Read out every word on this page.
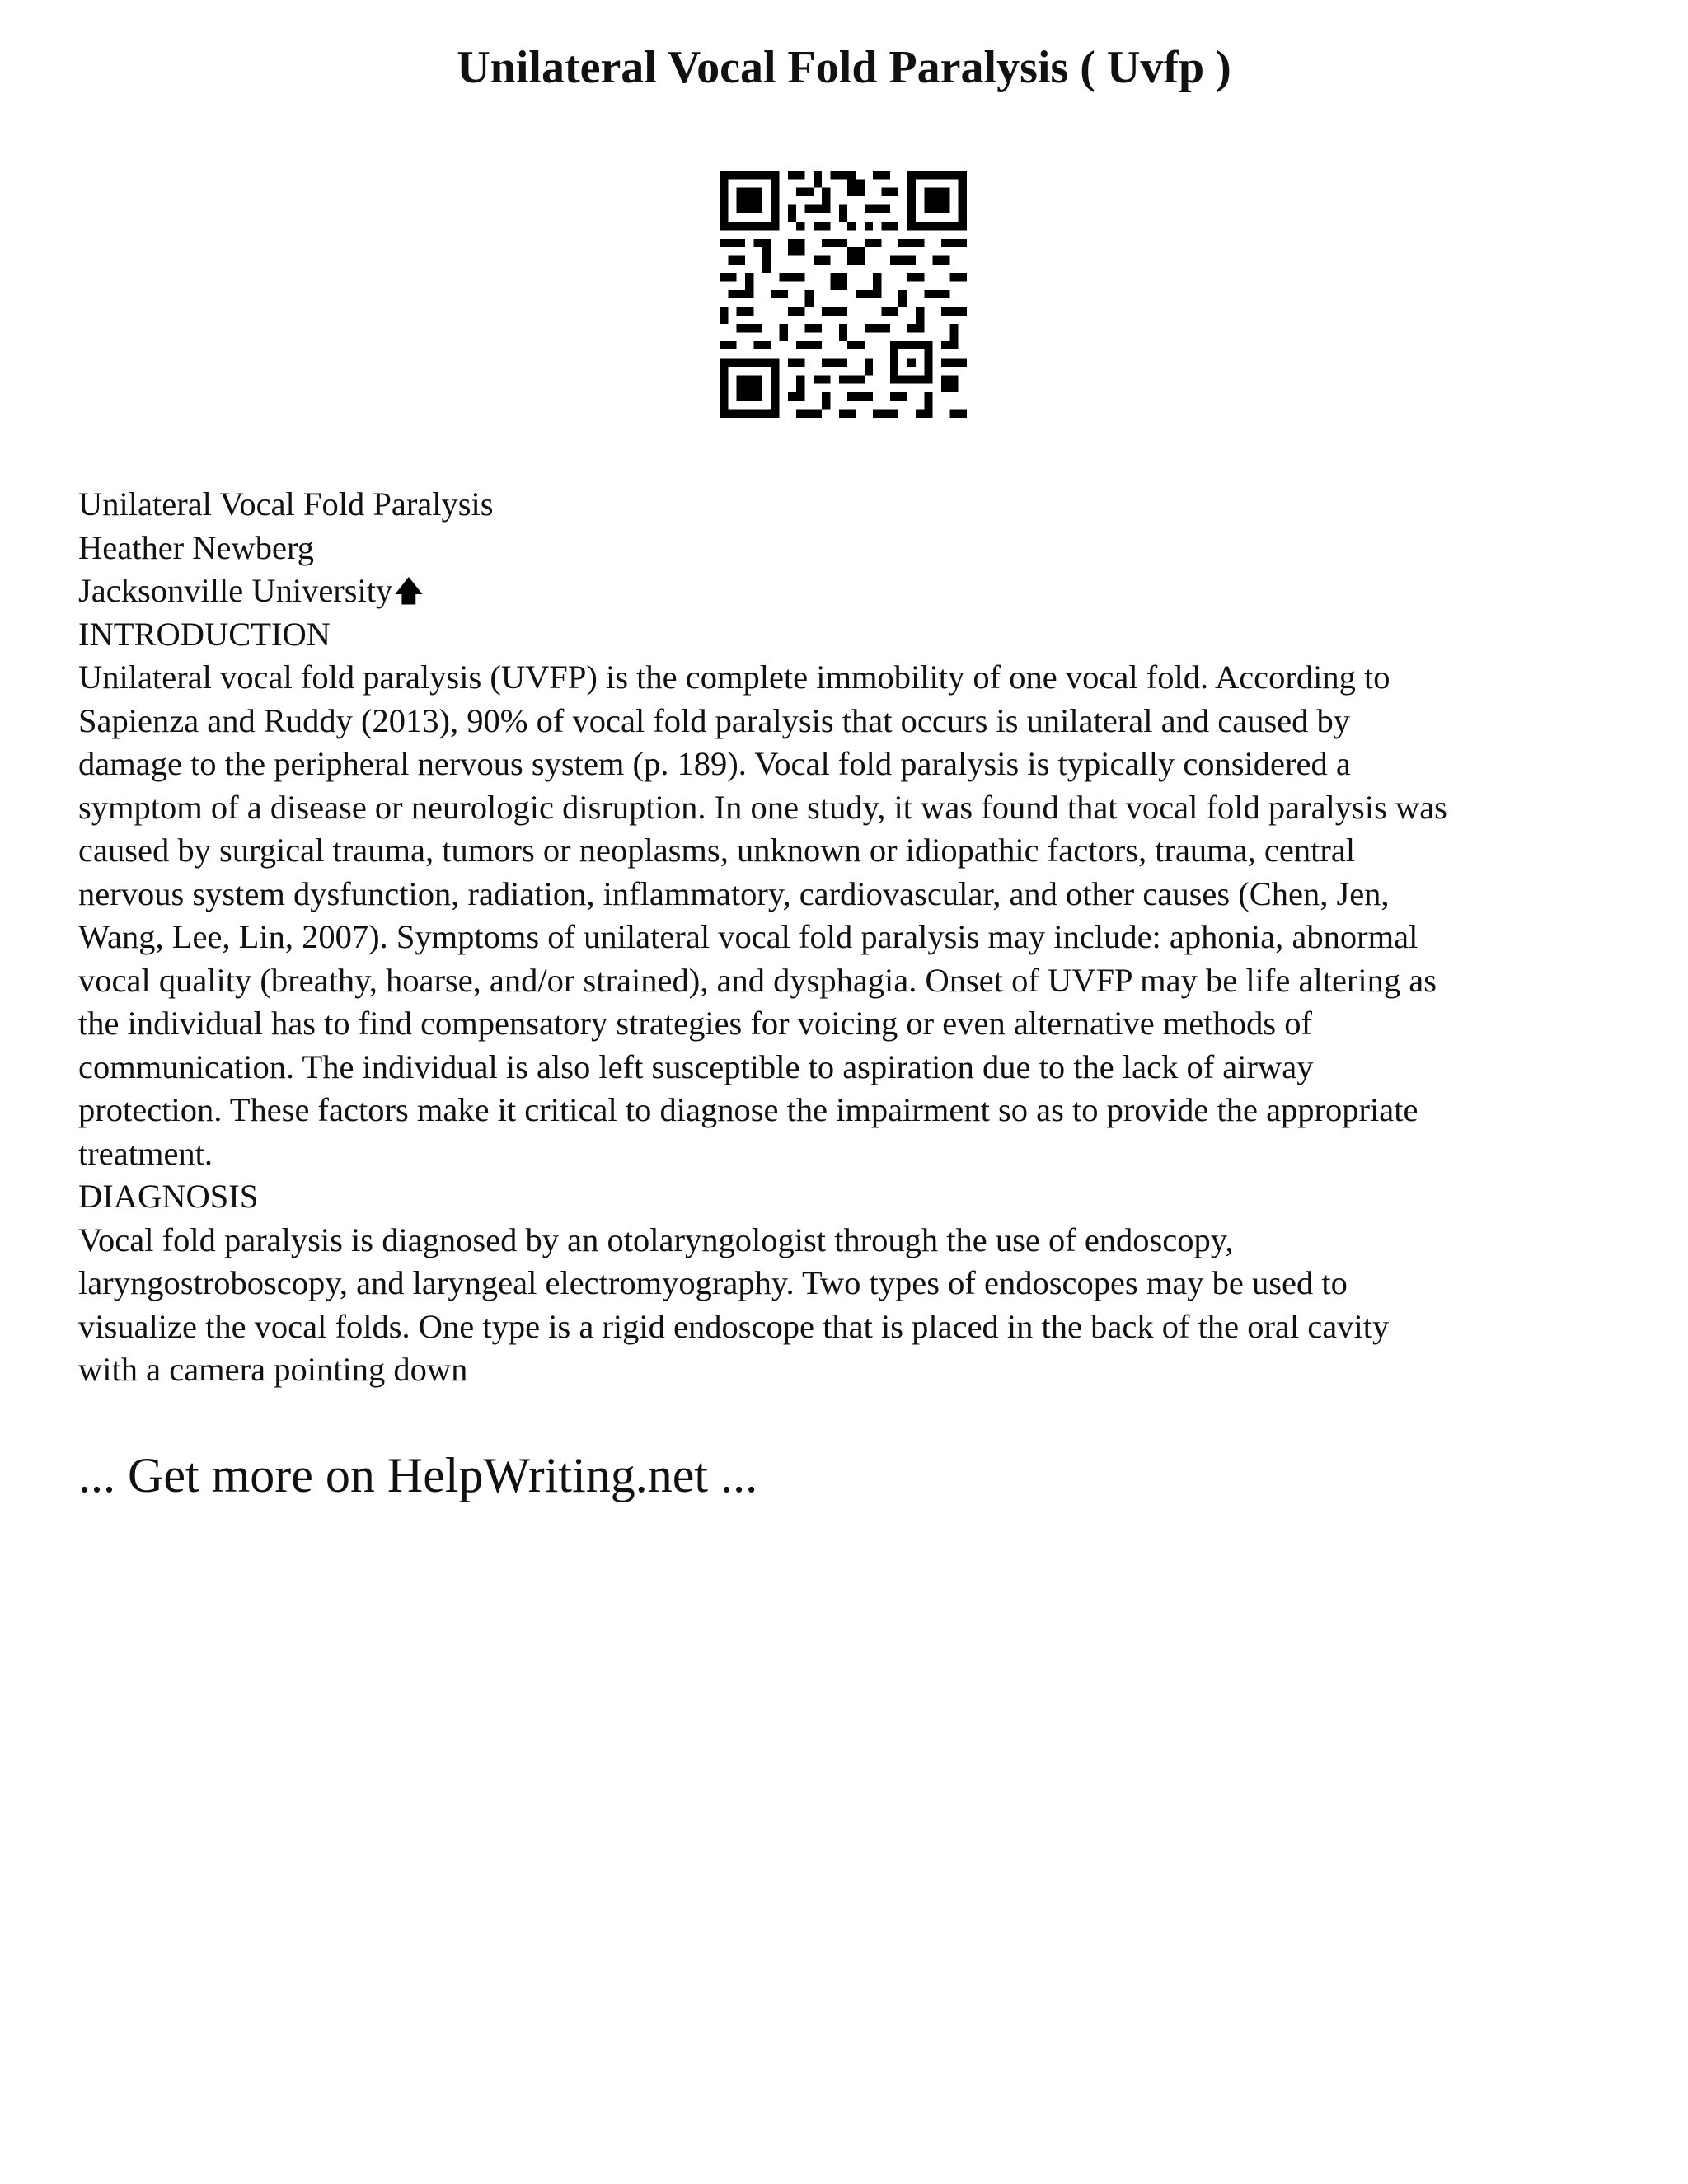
Unilateral Vocal Fold Paralysis ( Uvfp )
Unilateral Vocal Fold Paralysis
Heather Newberg
Jacksonville University🡅
INTRODUCTION
Unilateral vocal fold paralysis (UVFP) is the complete immobility of one vocal fold. According to
Sapienza and Ruddy (2013), 90% of vocal fold paralysis that occurs is unilateral and caused by
damage to the peripheral nervous system (p. 189). Vocal fold paralysis is typically considered a
symptom of a disease or neurologic disruption. In one study, it was found that vocal fold paralysis was
caused by surgical trauma, tumors or neoplasms, unknown or idiopathic factors, trauma, central
nervous system dysfunction, radiation, inflammatory, cardiovascular, and other causes (Chen, Jen,
Wang, Lee, Lin, 2007). Symptoms of unilateral vocal fold paralysis may include: aphonia, abnormal
vocal quality (breathy, hoarse, and/or strained), and dysphagia. Onset of UVFP may be life altering as
the individual has to find compensatory strategies for voicing or even alternative methods of
communication. The individual is also left susceptible to aspiration due to the lack of airway
protection. These factors make it critical to diagnose the impairment so as to provide the appropriate
treatment.
DIAGNOSIS
Vocal fold paralysis is diagnosed by an otolaryngologist through the use of endoscopy,
laryngostroboscopy, and laryngeal electromyography. Two types of endoscopes may be used to
visualize the vocal folds. One type is a rigid endoscope that is placed in the back of the oral cavity
with a camera pointing down
... Get more on HelpWriting.net ...
